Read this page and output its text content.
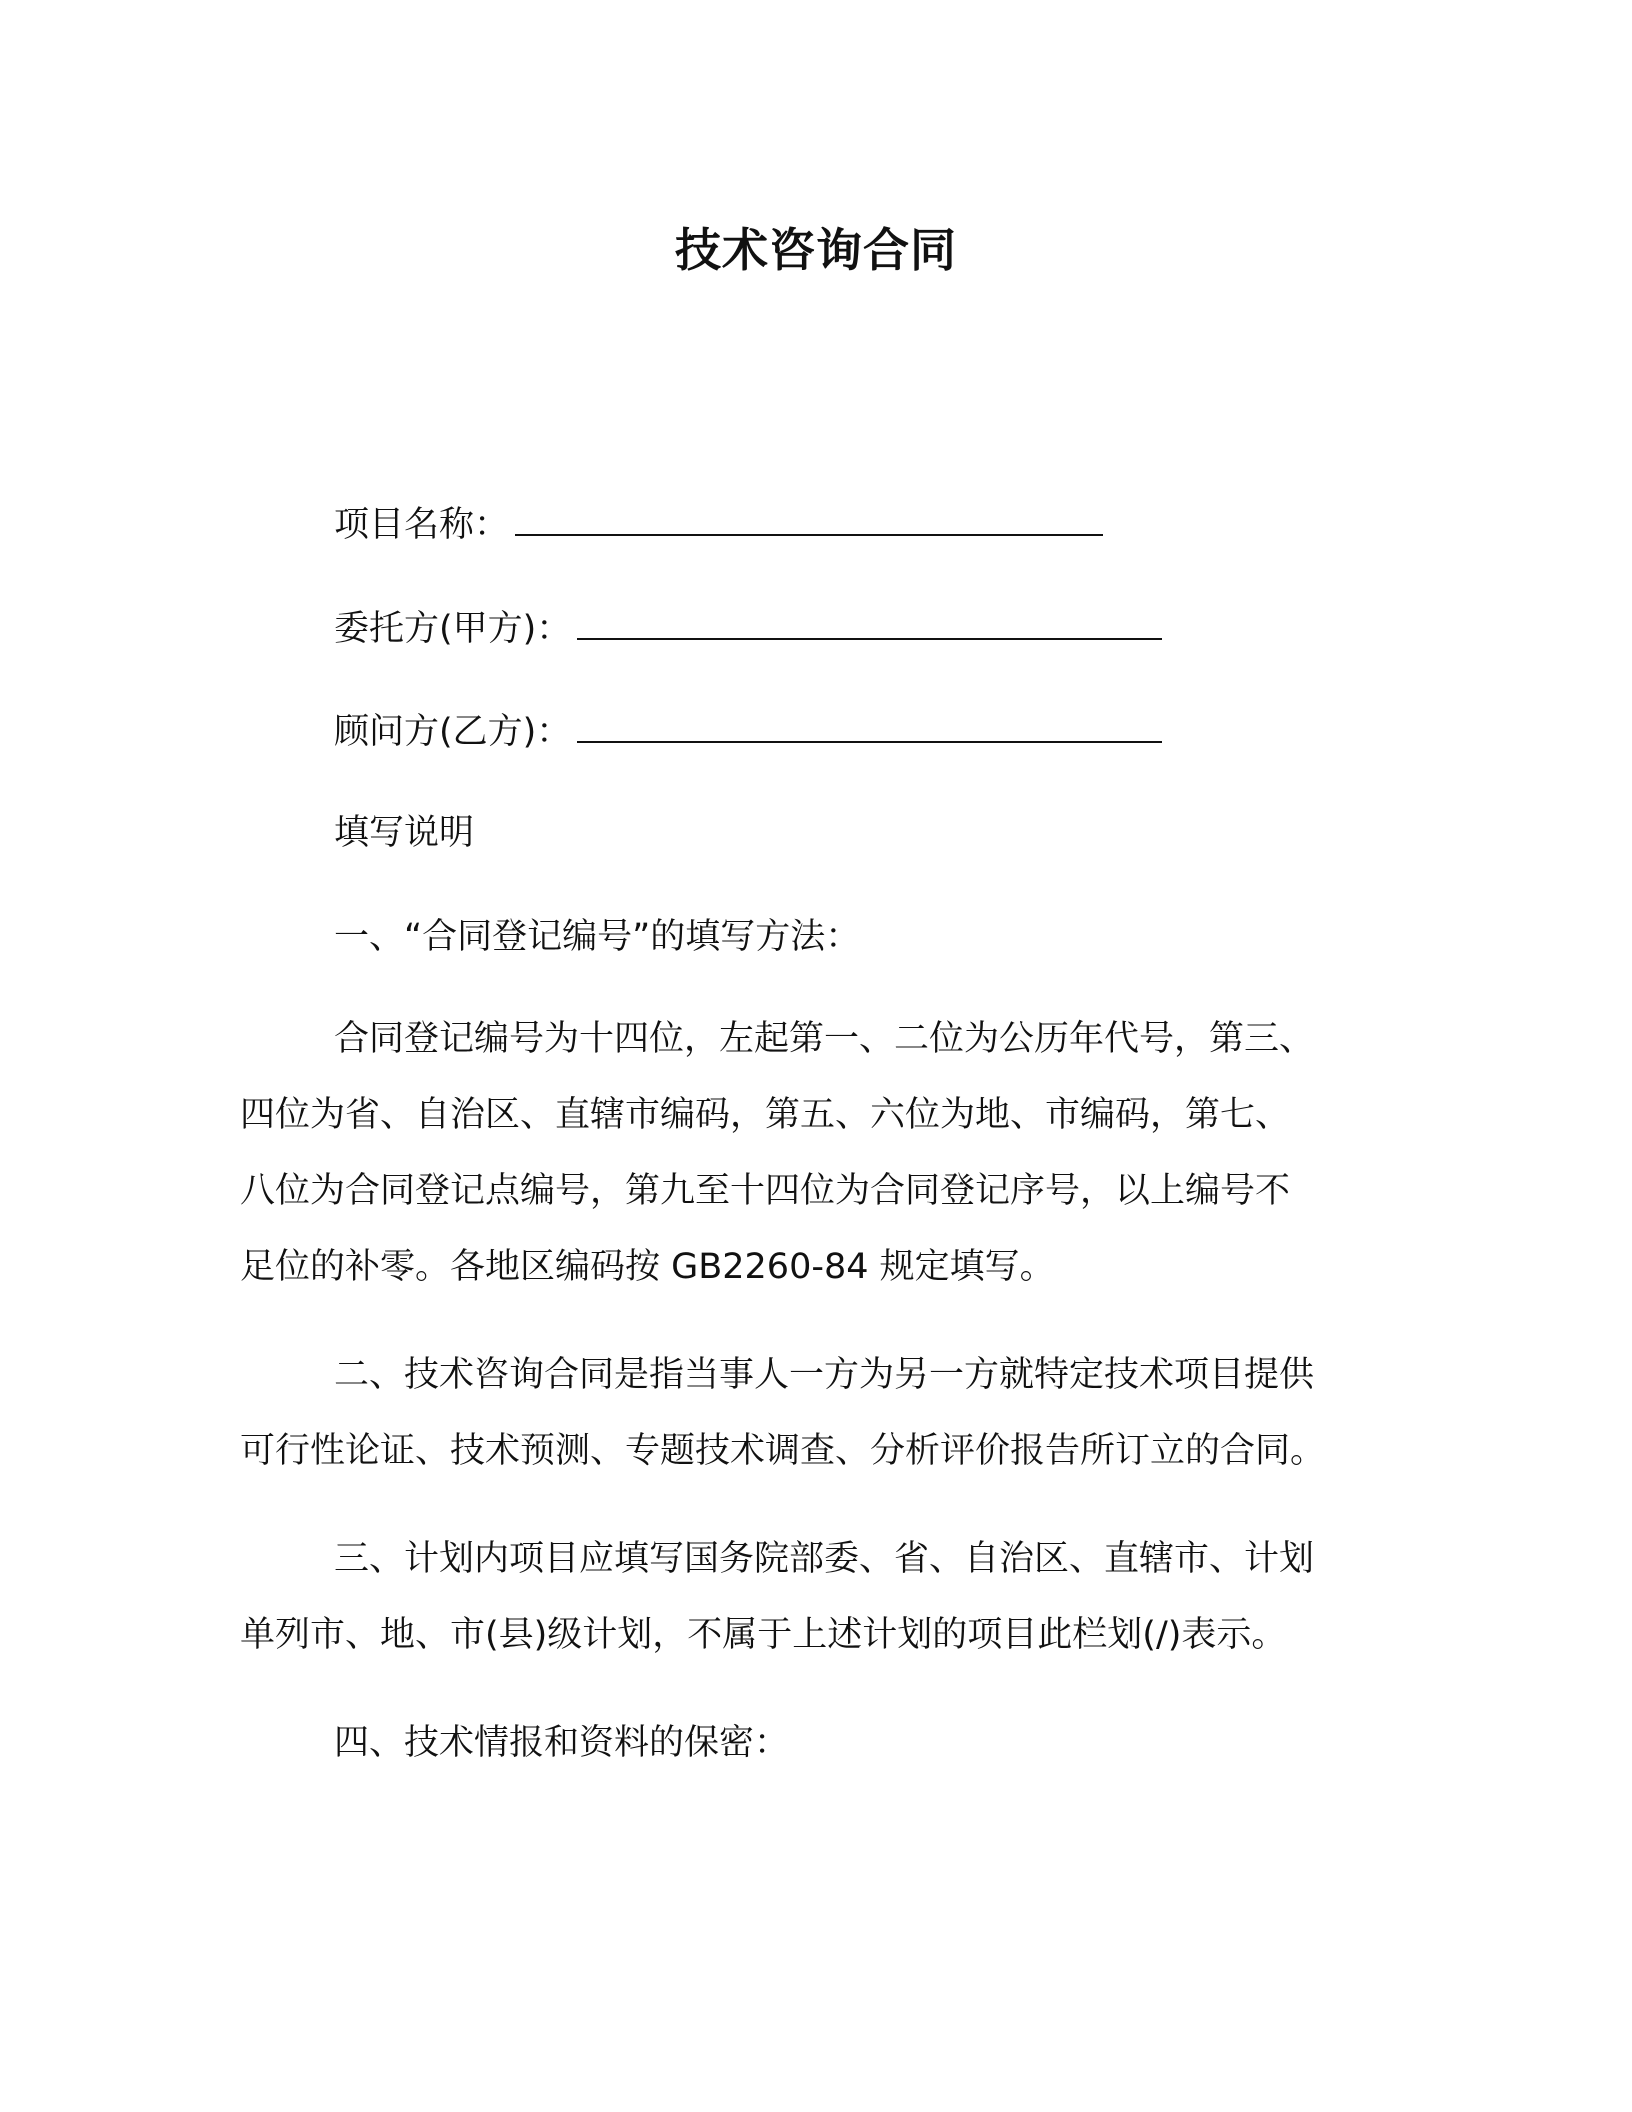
技术咨询合同
项目名称：
委托方(甲方)：
顾问方(乙方)：
填写说明
一、“合同登记编号”的填写方法：
合同登记编号为十四位，左起第一、二位为公历年代号，第三、
四位为省、自治区、直辖市编码，第五、六位为地、市编码，第七、
八位为合同登记点编号，第九至十四位为合同登记序号，以上编号不
足位的补零。各地区编码按 GB2260-84 规定填写。
二、技术咨询合同是指当事人一方为另一方就特定技术项目提供
可行性论证、技术预测、专题技术调查、分析评价报告所订立的合同。
三、计划内项目应填写国务院部委、省、自治区、直辖市、计划
单列市、地、市(县)级计划，不属于上述计划的项目此栏划(/)表示。
四、技术情报和资料的保密：
